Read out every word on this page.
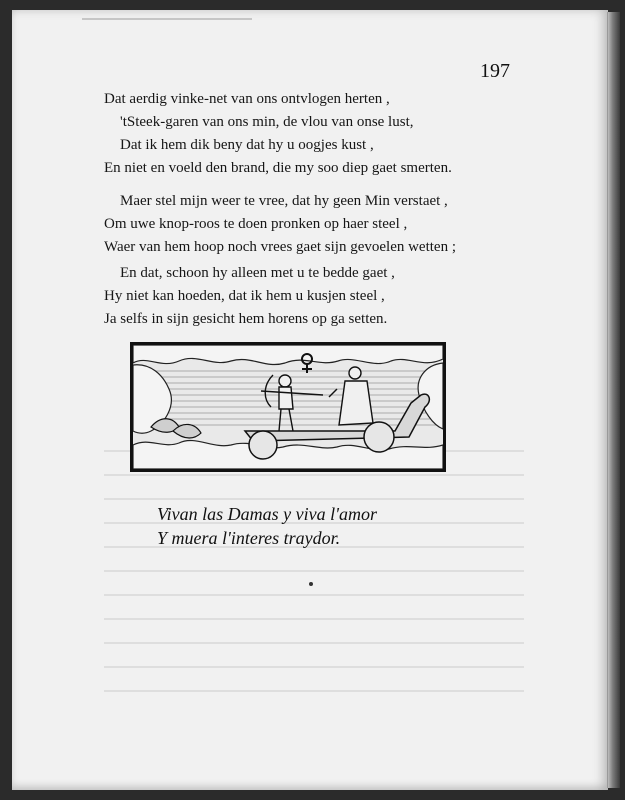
197
Dat aerdig vinke-net van ons ontvlogen herten ,
'tSteek-garen van ons min, de vlou van onse lust,
Dat ik hem dik beny dat hy u oogjes kust ,
En niet en voeld den brand, die my soo diep gaet smerten.
Maer stel mijn weer te vree, dat hy geen Min verstaet ,
Om uwe knop-roos te doen pronken op haer steel ,
Waer van hem hoop noch vrees gaet sijn gevoelen wetten ;
En dat, schoon hy alleen met u te bedde gaet ,
Hy niet kan hoeden, dat ik hem u kusjen steel ,
Ja selfs in sijn gesicht hem horens op ga setten.
Vivan las Damas y viva l'amor
Y muera l'interes traydor.
